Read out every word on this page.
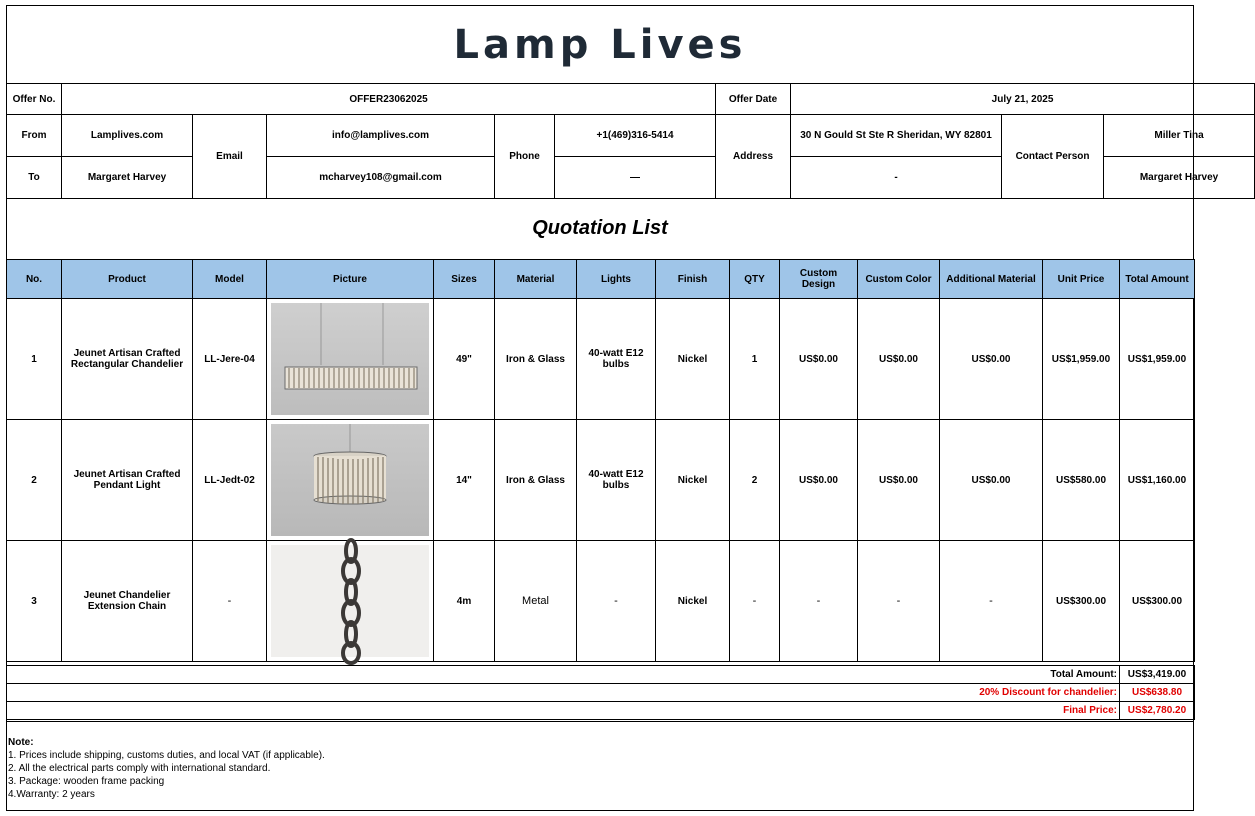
Lamp Lives
Offer No.	OFFER23062025					Offer Date	July 21, 2025		
From	Lamplives.com	Email	info@lamplives.com	Phone	+1(469)316-5414	Address	30 N Gould St Ste R Sheridan, WY 82801	Contact Person	Miller Tina
To	Margaret Harvey		mcharvey108@gmail.com		—		-		Margaret Harvey
Quotation List
No.	Product	Model	Picture	Sizes	Material	Lights	Finish	QTY	Custom Design	Custom Color	Additional Material	Unit Price	Total Amount
1	Jeunet Artisan Crafted Rectangular Chandelier	LL-Jere-04		49"	Iron & Glass	40-watt E12 bulbs	Nickel	1	US$0.00	US$0.00	US$0.00	US$1,959.00	US$1,959.00
2	Jeunet Artisan Crafted Pendant Light	LL-Jedt-02		14"	Iron & Glass	40-watt E12 bulbs	Nickel	2	US$0.00	US$0.00	US$0.00	US$580.00	US$1,160.00
3	Jeunet Chandelier Extension Chain	-		4m	Metal	-	Nickel	-	-	-	-	US$300.00	US$300.00
Total Amount:	US$3,419.00
20% Discount for chandelier:	US$638.80
Final Price:	US$2,780.20
Note:
1. Prices include shipping, customs duties, and local VAT (if applicable).
2. All the electrical parts comply with international standard.
3. Package: wooden frame packing
4.Warranty: 2 years
